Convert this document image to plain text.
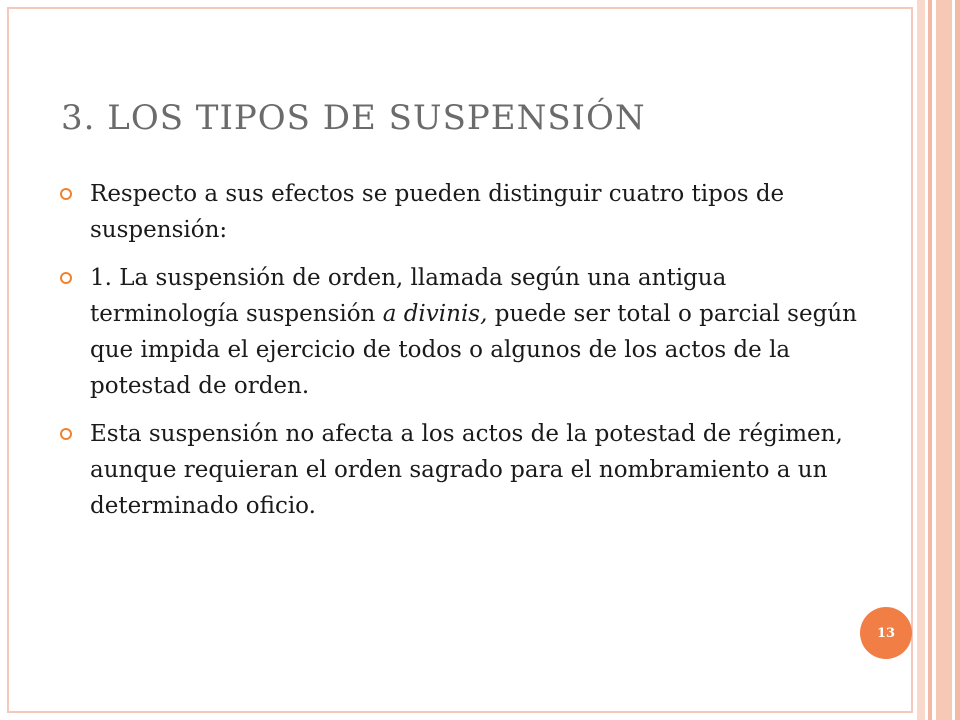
3. LOS TIPOS DE SUSPENSIÓN
Respecto a sus efectos se pueden distinguir cuatro tipos de suspensión:
1. La suspensión de orden, llamada según una antigua terminología suspensión a divinis, puede ser total o parcial según que impida el ejercicio de todos o algunos de los actos de la potestad de orden.
Esta suspensión no afecta a los actos de la potestad de régimen, aunque requieran el orden sagrado para el nombramiento a un determinado oficio.
13
